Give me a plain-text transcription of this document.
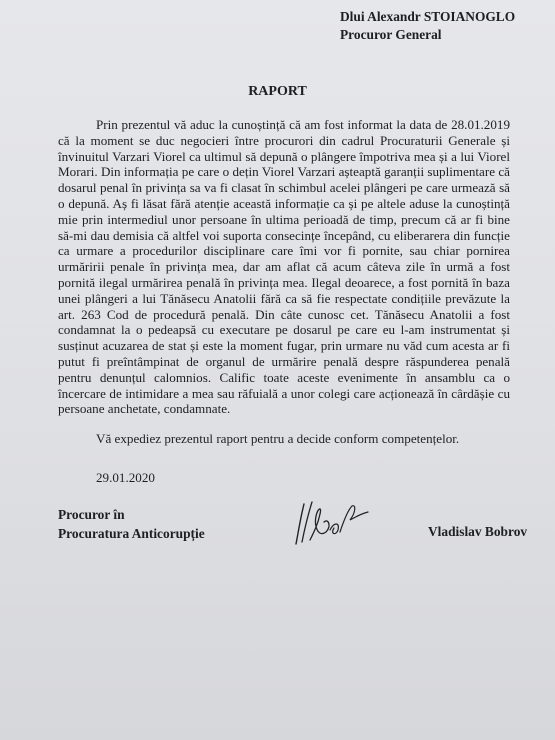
Dlui Alexandr STOIANOGLO
Procuror General
RAPORT

Prin prezentul vă aduc la cunoștință că am fost informat la data de 28.01.2019 că la moment se duc negocieri între procurori din cadrul Procuraturii Generale și învinuitul Varzari Viorel ca ultimul să depună o plângere împotriva mea și a lui Viorel Morari. Din informația pe care o dețin Viorel Varzari așteaptă garanții suplimentare că dosarul penal în privința sa va fi clasat în schimbul acelei plângeri pe care urmează să o depună. Aș fi lăsat fără atenție această informație ca și pe altele aduse la cunoștință mie prin intermediul unor persoane în ultima perioadă de timp, precum că ar fi bine să-mi dau demisia că altfel voi suporta consecințe începând, cu eliberarera din funcție ca urmare a procedurilor disciplinare care îmi vor fi pornite, sau chiar pornirea urmăririi penale în privința mea, dar am aflat că acum câteva zile în urmă a fost pornită ilegal urmărirea penală în privința mea. Ilegal deoarece, a fost pornită în baza unei plângeri a lui Tănăsecu Anatolii fără ca să fie respectate condițiile prevăzute la art. 263 Cod de procedură penală. Din câte cunosc cet. Tănăsecu Anatolii a fost condamnat la o pedeapsă cu executare pe dosarul pe care eu l-am instrumentat și susținut acuzarea de stat și este la moment fugar, prin urmare nu văd cum acesta ar fi putut fi preîntâmpinat de organul de urmărire penală despre răspunderea penală pentru denunțul calomnios. Calific toate aceste evenimente în ansamblu ca o încercare de intimidare a mea sau răfuială a unor colegi care acționează în cârdășie cu persoane anchetate, condamnate.

Vă expediez prezentul raport pentru a decide conform competențelor.
29.01.2020
Procuror în
Procuratura Anticorupție	Vladislav Bobrov
